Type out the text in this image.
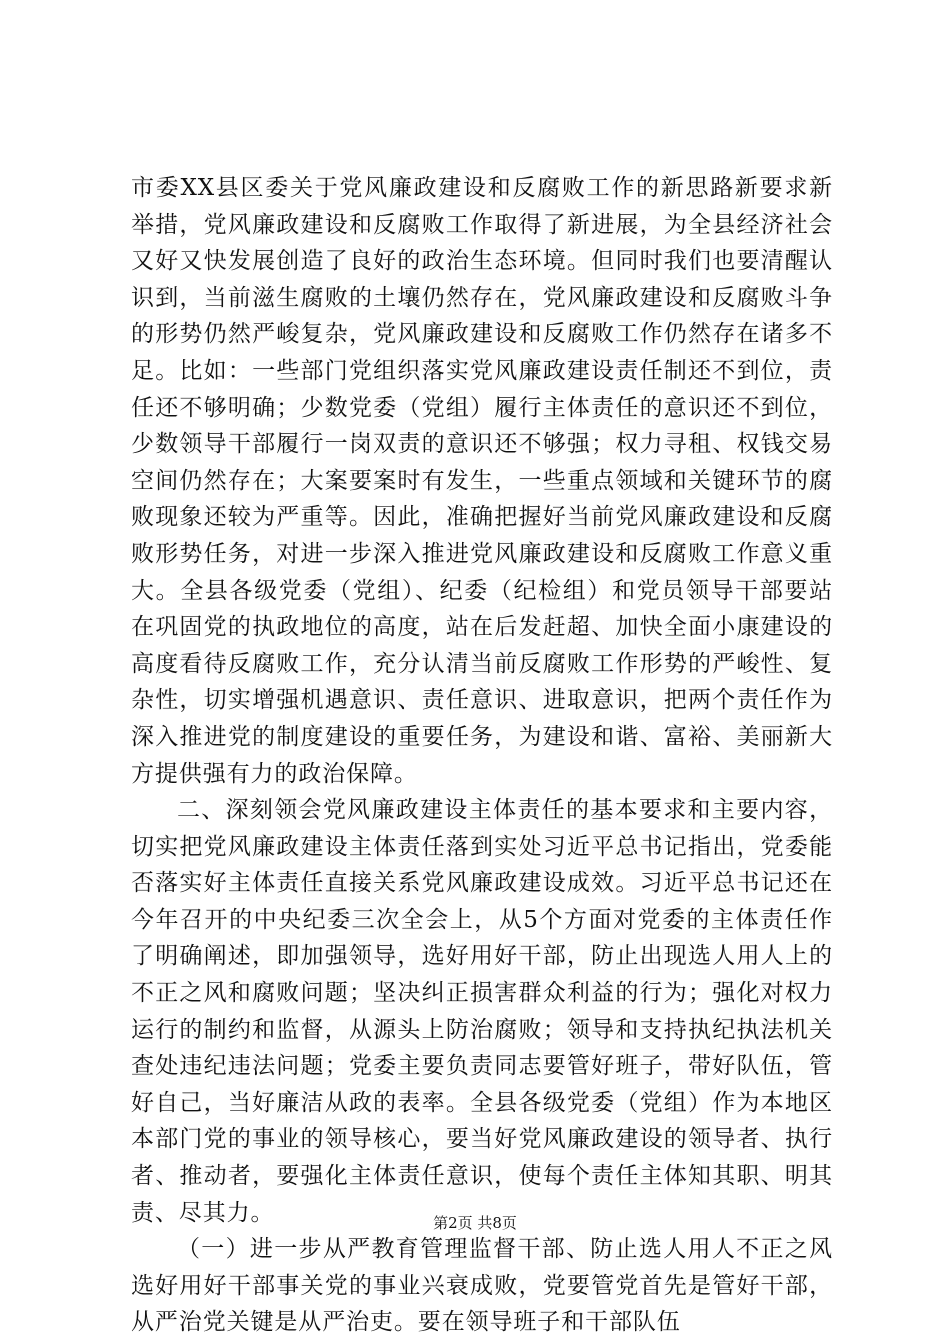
市委XX县区委关于党风廉政建设和反腐败工作的新思路新要求新举措，党风廉政建设和反腐败工作取得了新进展，为全县经济社会又好又快发展创造了良好的政治生态环境。但同时我们也要清醒认识到，当前滋生腐败的土壤仍然存在，党风廉政建设和反腐败斗争的形势仍然严峻复杂，党风廉政建设和反腐败工作仍然存在诸多不足。比如：一些部门党组织落实党风廉政建设责任制还不到位，责任还不够明确；少数党委（党组）履行主体责任的意识还不到位，少数领导干部履行一岗双责的意识还不够强；权力寻租、权钱交易空间仍然存在；大案要案时有发生，一些重点领域和关键环节的腐败现象还较为严重等。因此，准确把握好当前党风廉政建设和反腐败形势任务，对进一步深入推进党风廉政建设和反腐败工作意义重大。全县各级党委（党组）、纪委（纪检组）和党员领导干部要站在巩固党的执政地位的高度，站在后发赶超、加快全面小康建设的高度看待反腐败工作，充分认清当前反腐败工作形势的严峻性、复杂性，切实增强机遇意识、责任意识、进取意识，把两个责任作为深入推进党的制度建设的重要任务，为建设和谐、富裕、美丽新大方提供强有力的政治保障。

二、深刻领会党风廉政建设主体责任的基本要求和主要内容，切实把党风廉政建设主体责任落到实处习近平总书记指出，党委能否落实好主体责任直接关系党风廉政建设成效。习近平总书记还在今年召开的中央纪委三次全会上，从5个方面对党委的主体责任作了明确阐述，即加强领导，选好用好干部，防止出现选人用人上的不正之风和腐败问题；坚决纠正损害群众利益的行为；强化对权力运行的制约和监督，从源头上防治腐败；领导和支持执纪执法机关查处违纪违法问题；党委主要负责同志要管好班子，带好队伍，管好自己，当好廉洁从政的表率。全县各级党委（党组）作为本地区本部门党的事业的领导核心，要当好党风廉政建设的领导者、执行者、推动者，要强化主体责任意识，使每个责任主体知其职、明其责、尽其力。

（一）进一步从严教育管理监督干部、防止选人用人不正之风选好用好干部事关党的事业兴衰成败，党要管党首先是管好干部，从严治党关键是从严治吏。要在领导班子和干部队伍

第2页 共8页
